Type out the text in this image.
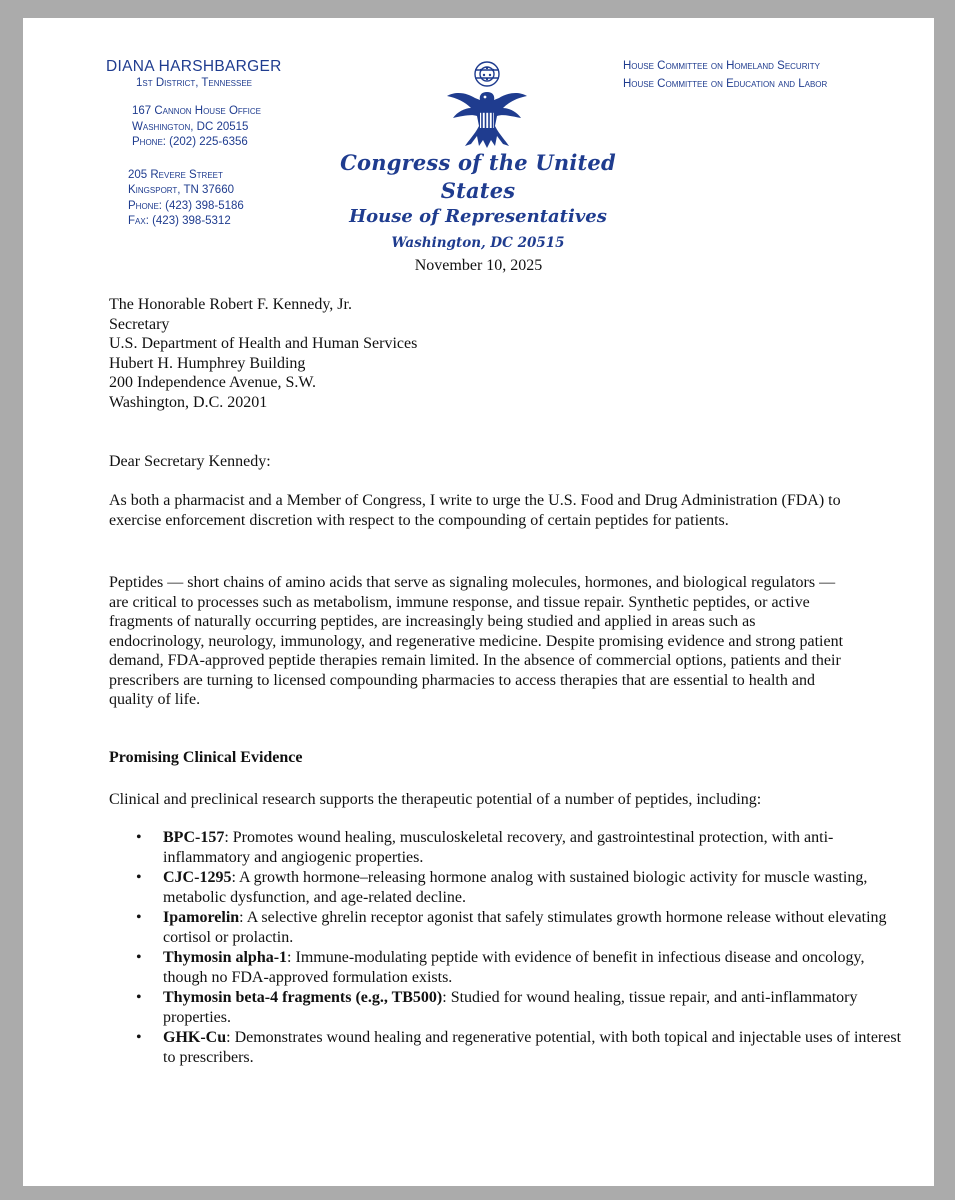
DIANA HARSHBARGER
1st District, Tennessee
167 Cannon House Office
Washington, DC 20515
Phone: (202) 225-6356
205 Revere Street
Kingsport, TN 37660
Phone: (423) 398-5186
Fax: (423) 398-5312
House Committee on Homeland Security
House Committee on Education and Labor
Congress of the United States
House of Representatives
Washington, DC 20515
November 10, 2025
The Honorable Robert F. Kennedy, Jr.
Secretary
U.S. Department of Health and Human Services
Hubert H. Humphrey Building
200 Independence Avenue, S.W.
Washington, D.C. 20201
Dear Secretary Kennedy:

As both a pharmacist and a Member of Congress, I write to urge the U.S. Food and Drug Administration (FDA) to exercise enforcement discretion with respect to the compounding of certain peptides for patients.

Peptides — short chains of amino acids that serve as signaling molecules, hormones, and biological regulators — are critical to processes such as metabolism, immune response, and tissue repair. Synthetic peptides, or active fragments of naturally occurring peptides, are increasingly being studied and applied in areas such as endocrinology, neurology, immunology, and regenerative medicine. Despite promising evidence and strong patient demand, FDA-approved peptide therapies remain limited. In the absence of commercial options, patients and their prescribers are turning to licensed compounding pharmacies to access therapies that are essential to health and quality of life.

Promising Clinical Evidence
Clinical and preclinical research supports the therapeutic potential of a number of peptides, including:
• BPC-157: Promotes wound healing, musculoskeletal recovery, and gastrointestinal protection, with anti-inflammatory and angiogenic properties.
• CJC-1295: A growth hormone–releasing hormone analog with sustained biologic activity for muscle wasting, metabolic dysfunction, and age-related decline.
• Ipamorelin: A selective ghrelin receptor agonist that safely stimulates growth hormone release without elevating cortisol or prolactin.
• Thymosin alpha-1: Immune-modulating peptide with evidence of benefit in infectious disease and oncology, though no FDA-approved formulation exists.
• Thymosin beta-4 fragments (e.g., TB500): Studied for wound healing, tissue repair, and anti-inflammatory properties.
• GHK-Cu: Demonstrates wound healing and regenerative potential, with both topical and injectable uses of interest to prescribers.
